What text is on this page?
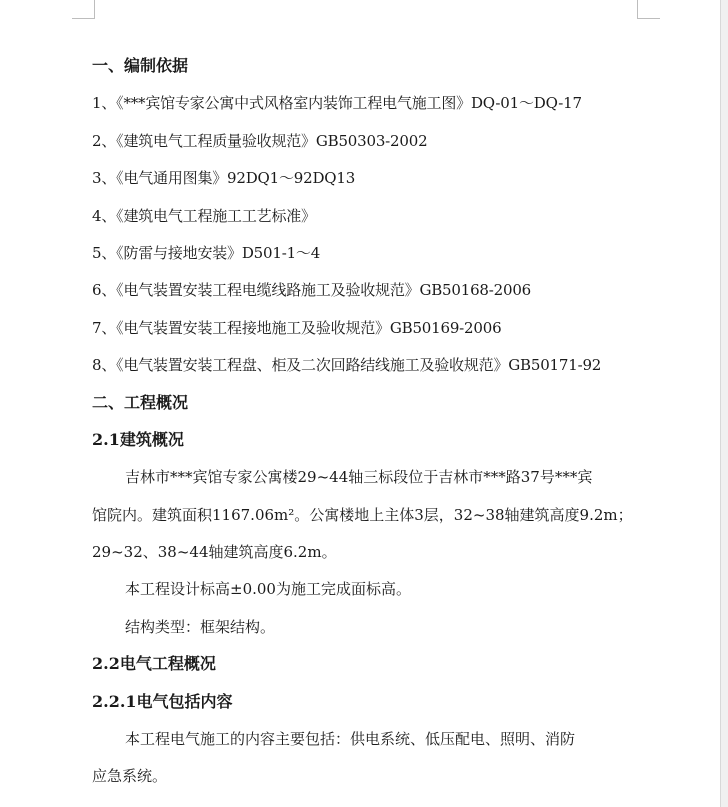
一、编制依据
1、《***宾馆专家公寓中式风格室内装饰工程电气施工图》DQ-01～DQ-17
2、《建筑电气工程质量验收规范》GB50303-2002
3、《电气通用图集》92DQ1～92DQ13
4、《建筑电气工程施工工艺标准》
5、《防雷与接地安装》D501-1～4
6、《电气装置安装工程电缆线路施工及验收规范》GB50168-2006
7、《电气装置安装工程接地施工及验收规范》GB50169-2006
8、《电气装置安装工程盘、柜及二次回路结线施工及验收规范》GB50171-92
二、工程概况
2.1建筑概况
吉林市***宾馆专家公寓楼29~44轴三标段位于吉林市***路37号***宾
馆院内。建筑面积1167.06m²。公寓楼地上主体3层，32~38轴建筑高度9.2m；
29~32、38~44轴建筑高度6.2m。
本工程设计标高±0.00为施工完成面标高。
结构类型：框架结构。
2.2电气工程概况
2.2.1电气包括内容
本工程电气施工的内容主要包括：供电系统、低压配电、照明、消防
应急系统。
